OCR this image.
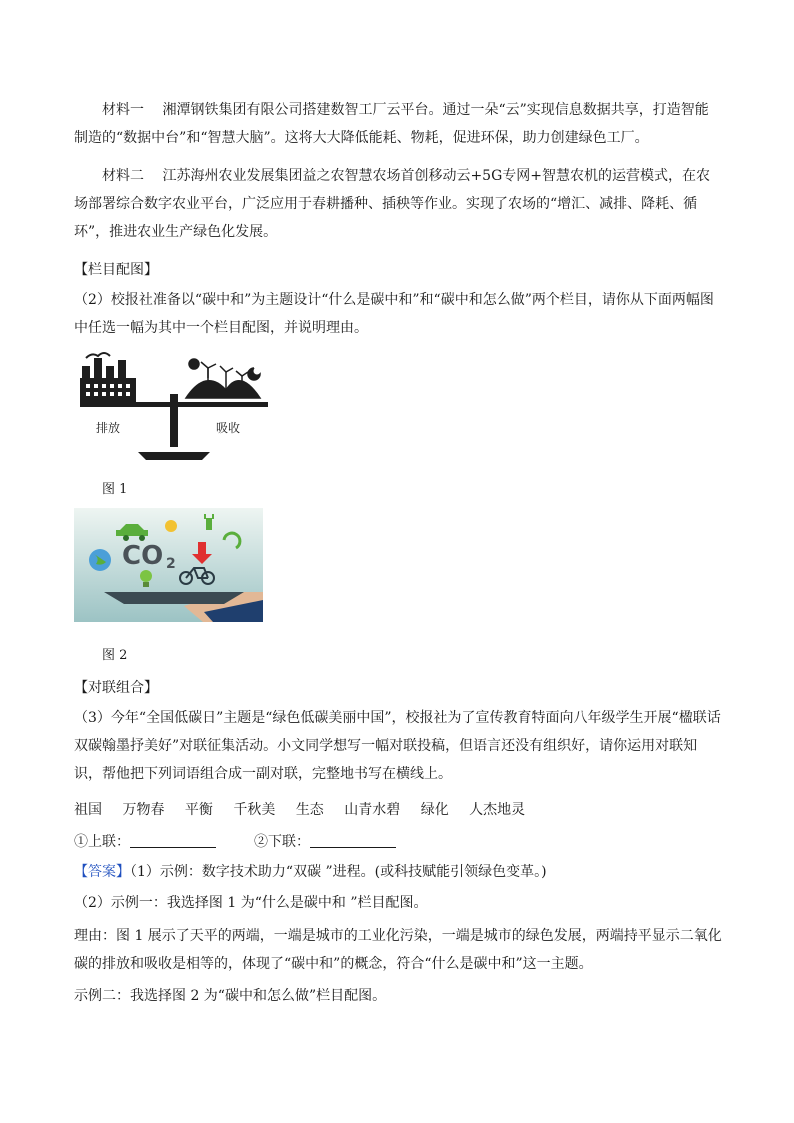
材料一　 湘潭钢铁集团有限公司搭建数智工厂云平台。通过一朵“云”实现信息数据共享，打造智能制造的“数据中台”和“智慧大脑”。这将大大降低能耗、物耗，促进环保，助力创建绿色工厂。

材料二　 江苏海州农业发展集团益之农智慧农场首创移动云+5G专网+智慧农机的运营模式，在农场部署综合数字农业平台，广泛应用于春耕播种、插秧等作业。实现了农场的“增汇、减排、降耗、循环”，推进农业生产绿色化发展。

【栏目配图】

（2）校报社准备以“碳中和”为主题设计“什么是碳中和”和“碳中和怎么做”两个栏目，请你从下面两幅图中任选一幅为其中一个栏目配图，并说明理由。

排放	吸收
图 1
CO 2
图 2
【对联组合】

（3）今年“全国低碳日”主题是“绿色低碳美丽中国”，校报社为了宣传教育特面向八年级学生开展“楹联话双碳翰墨抒美好”对联征集活动。小文同学想写一幅对联投稿，但语言还没有组织好，请你运用对联知识，帮他把下列词语组合成一副对联，完整地书写在横线上。

祖国 万物春 平衡 千秋美 生态 山青水碧 绿化 人杰地灵
①上联：	②下联：
【答案】（1）示例：数字技术助力“双碳 ”进程。(或科技赋能引领绿色变革。)
（2）示例一：我选择图 1 为“什么是碳中和 ”栏目配图。

理由：图 1 展示了天平的两端，一端是城市的工业化污染，一端是城市的绿色发展，两端持平显示二氧化碳的排放和吸收是相等的，体现了“碳中和”的概念，符合“什么是碳中和”这一主题。

示例二：我选择图 2 为“碳中和怎么做”栏目配图。
